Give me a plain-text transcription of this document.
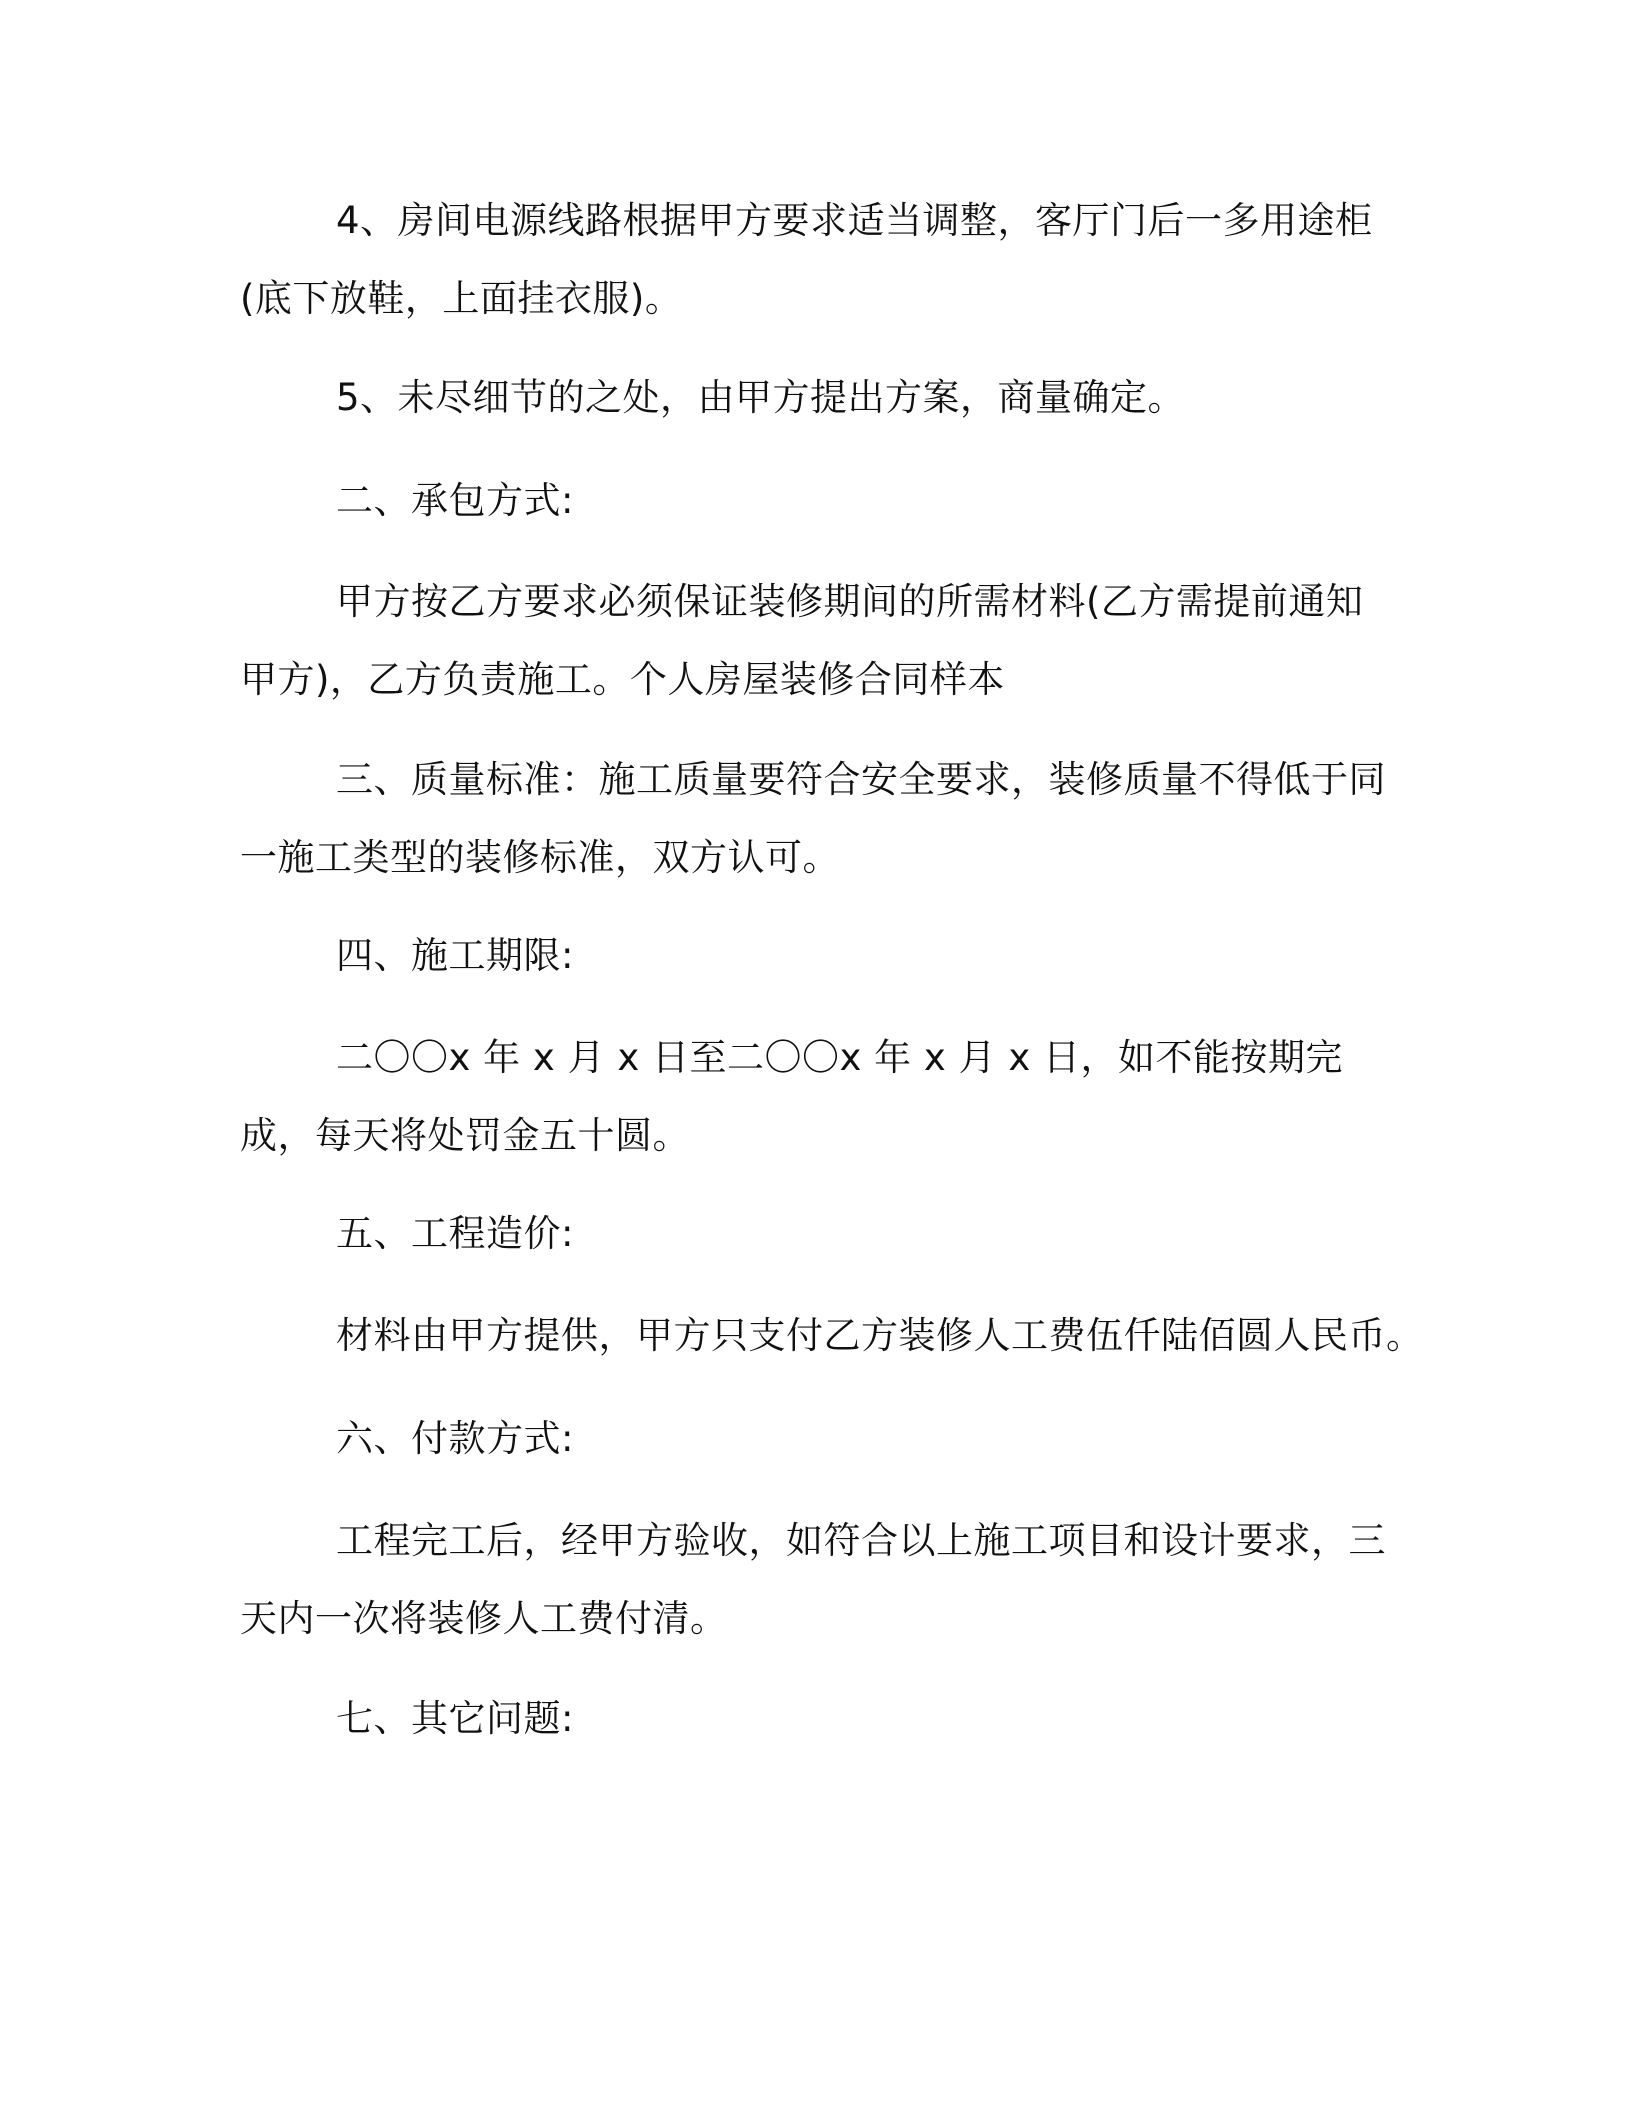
4、房间电源线路根据甲方要求适当调整，客厅门后一多用途柜(底下放鞋，上面挂衣服)。

5、未尽细节的之处，由甲方提出方案，商量确定。

二、承包方式:

甲方按乙方要求必须保证装修期间的所需材料(乙方需提前通知甲方)，乙方负责施工。个人房屋装修合同样本

三、质量标准：施工质量要符合安全要求，装修质量不得低于同一施工类型的装修标准，双方认可。

四、施工期限:

二〇〇x 年 x 月 x 日至二〇〇x 年 x 月 x 日，如不能按期完成，每天将处罚金五十圆。

五、工程造价:

材料由甲方提供，甲方只支付乙方装修人工费伍仟陆佰圆人民币。

六、付款方式:

工程完工后，经甲方验收，如符合以上施工项目和设计要求，三天内一次将装修人工费付清。

七、其它问题:
